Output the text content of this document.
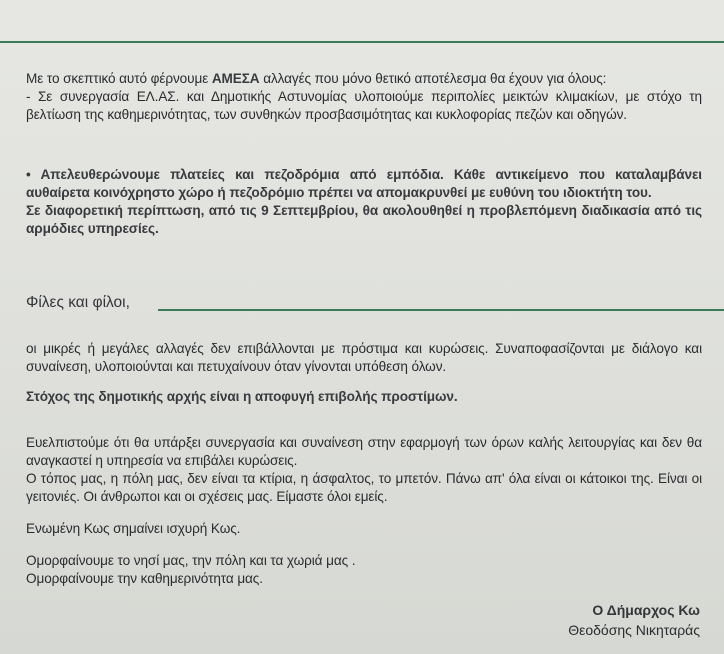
Με το σκεπτικό αυτό φέρνουμε ΑΜΕΣΑ αλλαγές που μόνο θετικό αποτέλεσμα θα έχουν για όλους:
- Σε συνεργασία ΕΛ.ΑΣ. και Δημοτικής Αστυνομίας υλοποιούμε περιπολίες μεικτών κλιμακίων, με στόχο τη βελτίωση της καθημερινότητας, των συνθηκών προσβασιμότητας και κυκλοφορίας πεζών και οδηγών.
• Απελευθερώνουμε πλατείες και πεζοδρόμια από εμπόδια. Κάθε αντικείμενο που καταλαμβάνει αυθαίρετα κοινόχρηστο χώρο ή πεζοδρόμιο πρέπει να απομακρυνθεί με ευθύνη του ιδιοκτήτη του.
Σε διαφορετική περίπτωση, από τις 9 Σεπτεμβρίου, θα ακολουθηθεί η προβλεπόμενη διαδικασία από τις αρμόδιες υπηρεσίες.
Φίλες και φίλοι,
οι μικρές ή μεγάλες αλλαγές δεν επιβάλλονται με πρόστιμα και κυρώσεις. Συναποφασίζονται με διάλογο και συναίνεση, υλοποιούνται και πετυχαίνουν όταν γίνονται υπόθεση όλων.
Στόχος της δημοτικής αρχής είναι η αποφυγή επιβολής προστίμων.
Ευελπιστούμε ότι θα υπάρξει συνεργασία και συναίνεση στην εφαρμογή των όρων καλής λειτουργίας και δεν θα αναγκαστεί η υπηρεσία να επιβάλει κυρώσεις.
Ο τόπος μας, η πόλη μας, δεν είναι τα κτίρια, η άσφαλτος, το μπετόν. Πάνω απ' όλα είναι οι κάτοικοι της. Είναι οι γειτονιές. Οι άνθρωποι και οι σχέσεις μας. Είμαστε όλοι εμείς.
Ενωμένη Κως σημαίνει ισχυρή Κως.
Ομορφαίνουμε το νησί μας, την πόλη και τα χωριά μας .
Ομορφαίνουμε την καθημερινότητα μας.
Ο Δήμαρχος Κω
Θεοδόσης Νικηταράς
